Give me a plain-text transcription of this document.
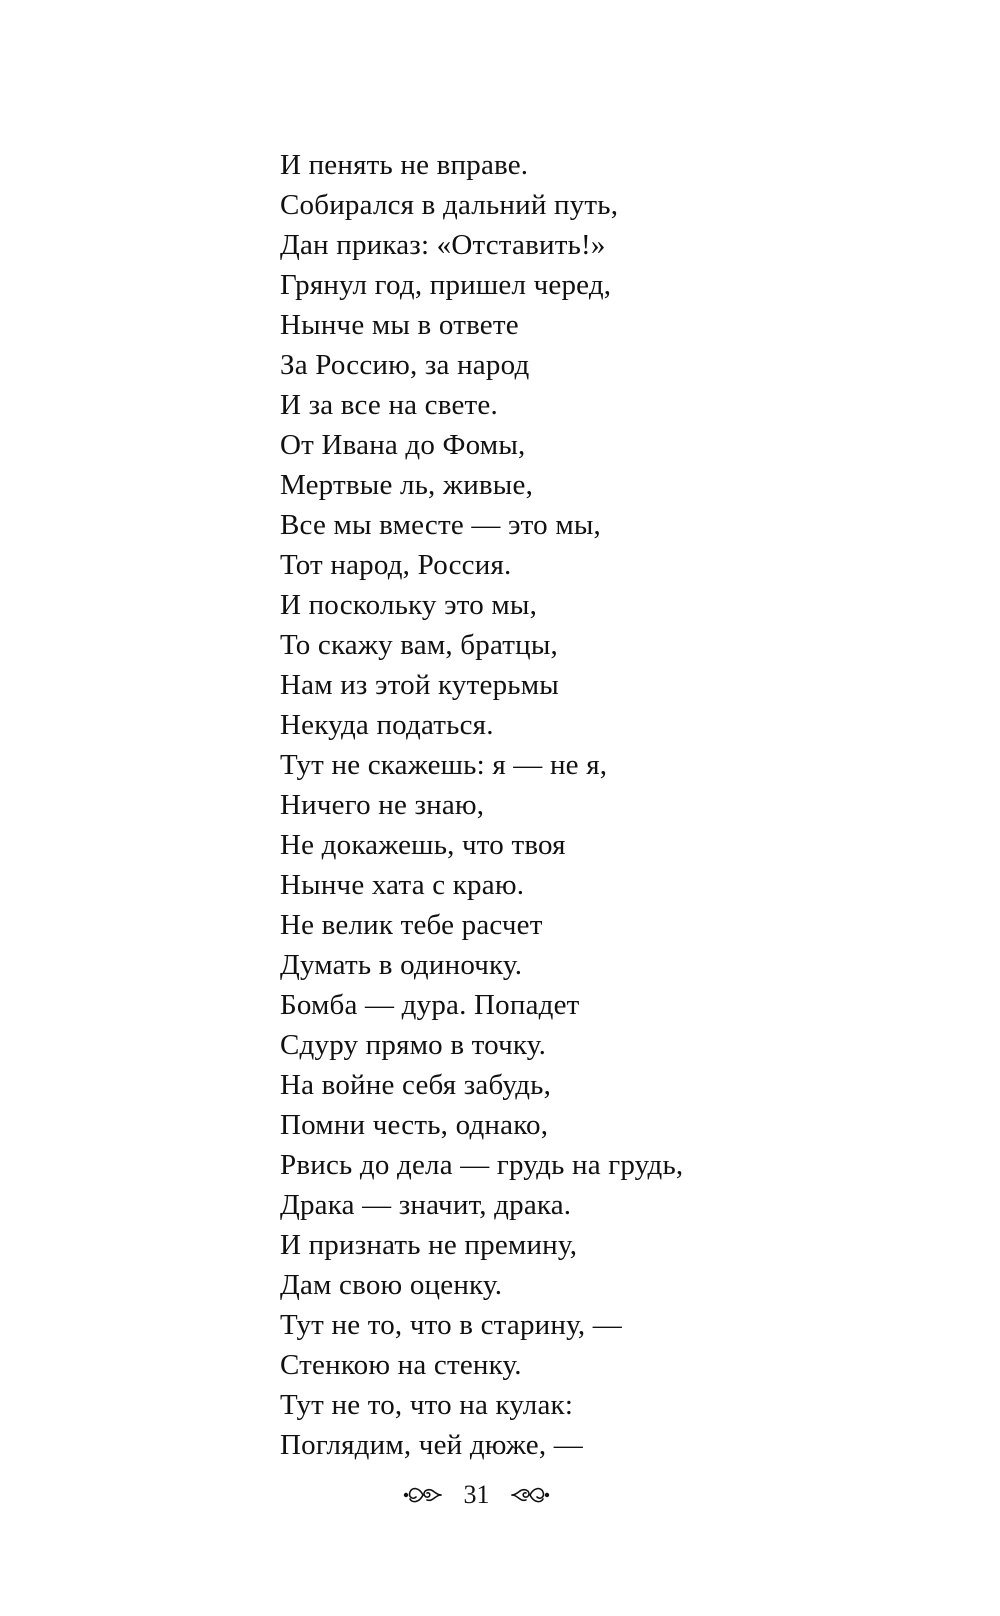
И пенять не вправе.
Собирался в дальний путь,
Дан приказ: «Отставить!»
Грянул год, пришел черед,
Нынче мы в ответе
За Россию, за народ
И за все на свете.
От Ивана до Фомы,
Мертвые ль, живые,
Все мы вместе — это мы,
Тот народ, Россия.
И поскольку это мы,
То скажу вам, братцы,
Нам из этой кутерьмы
Некуда податься.
Тут не скажешь: я — не я,
Ничего не знаю,
Не докажешь, что твоя
Нынче хата с краю.
Не велик тебе расчет
Думать в одиночку.
Бомба — дура. Попадет
Сдуру прямо в точку.
На войне себя забудь,
Помни честь, однако,
Рвись до дела — грудь на грудь,
Драка — значит, драка.
И признать не премину,
Дам свою оценку.
Тут не то, что в старину, —
Стенкою на стенку.
Тут не то, что на кулак:
Поглядим, чей дюже, —
31
